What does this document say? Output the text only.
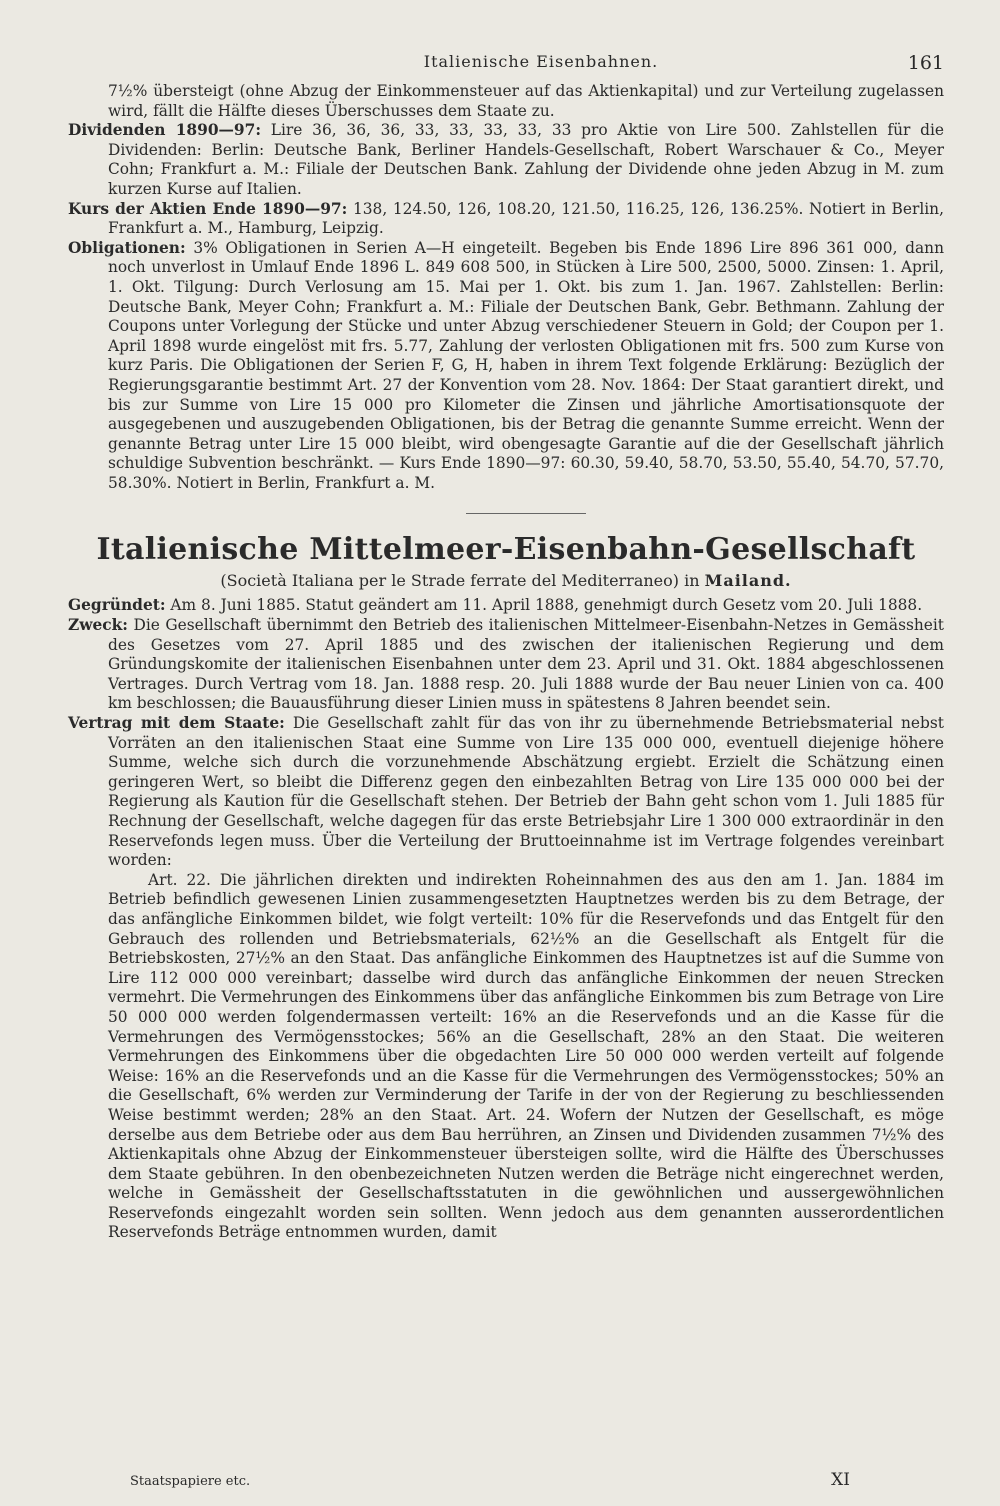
Italienische Eisenbahnen.	161

7½% übersteigt (ohne Abzug der Einkommensteuer auf das Aktienkapital) und zur Verteilung zugelassen wird, fällt die Hälfte dieses Überschusses dem Staate zu.

Dividenden 1890—97: Lire 36, 36, 36, 33, 33, 33, 33, 33 pro Aktie von Lire 500. Zahlstellen für die Dividenden: Berlin: Deutsche Bank, Berliner Handels-Gesellschaft, Robert Warschauer & Co., Meyer Cohn; Frankfurt a. M.: Filiale der Deutschen Bank. Zahlung der Dividende ohne jeden Abzug in M. zum kurzen Kurse auf Italien.

Kurs der Aktien Ende 1890—97: 138, 124.50, 126, 108.20, 121.50, 116.25, 126, 136.25%. Notiert in Berlin, Frankfurt a. M., Hamburg, Leipzig.

Obligationen: 3% Obligationen in Serien A—H eingeteilt. Begeben bis Ende 1896 Lire 896 361 000, dann noch unverlost in Umlauf Ende 1896 L. 849 608 500, in Stücken à Lire 500, 2500, 5000. Zinsen: 1. April, 1. Okt. Tilgung: Durch Verlosung am 15. Mai per 1. Okt. bis zum 1. Jan. 1967. Zahlstellen: Berlin: Deutsche Bank, Meyer Cohn; Frankfurt a. M.: Filiale der Deutschen Bank, Gebr. Bethmann. Zahlung der Coupons unter Vorlegung der Stücke und unter Abzug verschiedener Steuern in Gold; der Coupon per 1. April 1898 wurde eingelöst mit frs. 5.77, Zahlung der verlosten Obligationen mit frs. 500 zum Kurse von kurz Paris. Die Obligationen der Serien F, G, H, haben in ihrem Text folgende Erklärung: Bezüglich der Regierungsgarantie bestimmt Art. 27 der Konvention vom 28. Nov. 1864: Der Staat garantiert direkt, und bis zur Summe von Lire 15 000 pro Kilometer die Zinsen und jährliche Amortisationsquote der ausgegebenen und auszugebenden Obligationen, bis der Betrag die genannte Summe erreicht. Wenn der genannte Betrag unter Lire 15 000 bleibt, wird obengesagte Garantie auf die der Gesellschaft jährlich schuldige Subvention beschränkt. — Kurs Ende 1890—97: 60.30, 59.40, 58.70, 53.50, 55.40, 54.70, 57.70, 58.30%. Notiert in Berlin, Frankfurt a. M.

Italienische Mittelmeer-Eisenbahn-Gesellschaft
(Società Italiana per le Strade ferrate del Mediterraneo) in Mailand.

Gegründet: Am 8. Juni 1885. Statut geändert am 11. April 1888, genehmigt durch Gesetz vom 20. Juli 1888.

Zweck: Die Gesellschaft übernimmt den Betrieb des italienischen Mittelmeer-Eisenbahn-Netzes in Gemässheit des Gesetzes vom 27. April 1885 und des zwischen der italienischen Regierung und dem Gründungskomite der italienischen Eisenbahnen unter dem 23. April und 31. Okt. 1884 abgeschlossenen Vertrages. Durch Vertrag vom 18. Jan. 1888 resp. 20. Juli 1888 wurde der Bau neuer Linien von ca. 400 km beschlossen; die Bauausführung dieser Linien muss in spätestens 8 Jahren beendet sein.

Vertrag mit dem Staate: Die Gesellschaft zahlt für das von ihr zu übernehmende Betriebsmaterial nebst Vorräten an den italienischen Staat eine Summe von Lire 135 000 000, eventuell diejenige höhere Summe, welche sich durch die vorzunehmende Abschätzung ergiebt. Erzielt die Schätzung einen geringeren Wert, so bleibt die Differenz gegen den einbezahlten Betrag von Lire 135 000 000 bei der Regierung als Kaution für die Gesellschaft stehen. Der Betrieb der Bahn geht schon vom 1. Juli 1885 für Rechnung der Gesellschaft, welche dagegen für das erste Betriebsjahr Lire 1 300 000 extraordinär in den Reservefonds legen muss. Über die Verteilung der Bruttoeinnahme ist im Vertrage folgendes vereinbart worden:

Art. 22. Die jährlichen direkten und indirekten Roheinnahmen des aus den am 1. Jan. 1884 im Betrieb befindlich gewesenen Linien zusammengesetzten Hauptnetzes werden bis zu dem Betrage, der das anfängliche Einkommen bildet, wie folgt verteilt: 10% für die Reservefonds und das Entgelt für den Gebrauch des rollenden und Betriebsmaterials, 62½% an die Gesellschaft als Entgelt für die Betriebskosten, 27½% an den Staat. Das anfängliche Einkommen des Hauptnetzes ist auf die Summe von Lire 112 000 000 vereinbart; dasselbe wird durch das anfängliche Einkommen der neuen Strecken vermehrt. Die Vermehrungen des Einkommens über das anfängliche Einkommen bis zum Betrage von Lire 50 000 000 werden folgendermassen verteilt: 16% an die Reservefonds und an die Kasse für die Vermehrungen des Vermögensstockes; 56% an die Gesellschaft, 28% an den Staat. Die weiteren Vermehrungen des Einkommens über die obgedachten Lire 50 000 000 werden verteilt auf folgende Weise: 16% an die Reservefonds und an die Kasse für die Vermehrungen des Vermögensstockes; 50% an die Gesellschaft, 6% werden zur Verminderung der Tarife in der von der Regierung zu beschliessenden Weise bestimmt werden; 28% an den Staat. Art. 24. Wofern der Nutzen der Gesellschaft, es möge derselbe aus dem Betriebe oder aus dem Bau herrühren, an Zinsen und Dividenden zusammen 7½% des Aktienkapitals ohne Abzug der Einkommensteuer übersteigen sollte, wird die Hälfte des Überschusses dem Staate gebühren. In den obenbezeichneten Nutzen werden die Beträge nicht eingerechnet werden, welche in Gemässheit der Gesellschaftsstatuten in die gewöhnlichen und aussergewöhnlichen Reservefonds eingezahlt worden sein sollten. Wenn jedoch aus dem genannten ausserordentlichen Reservefonds Beträge entnommen wurden, damit

Staatspapiere etc.	XI
